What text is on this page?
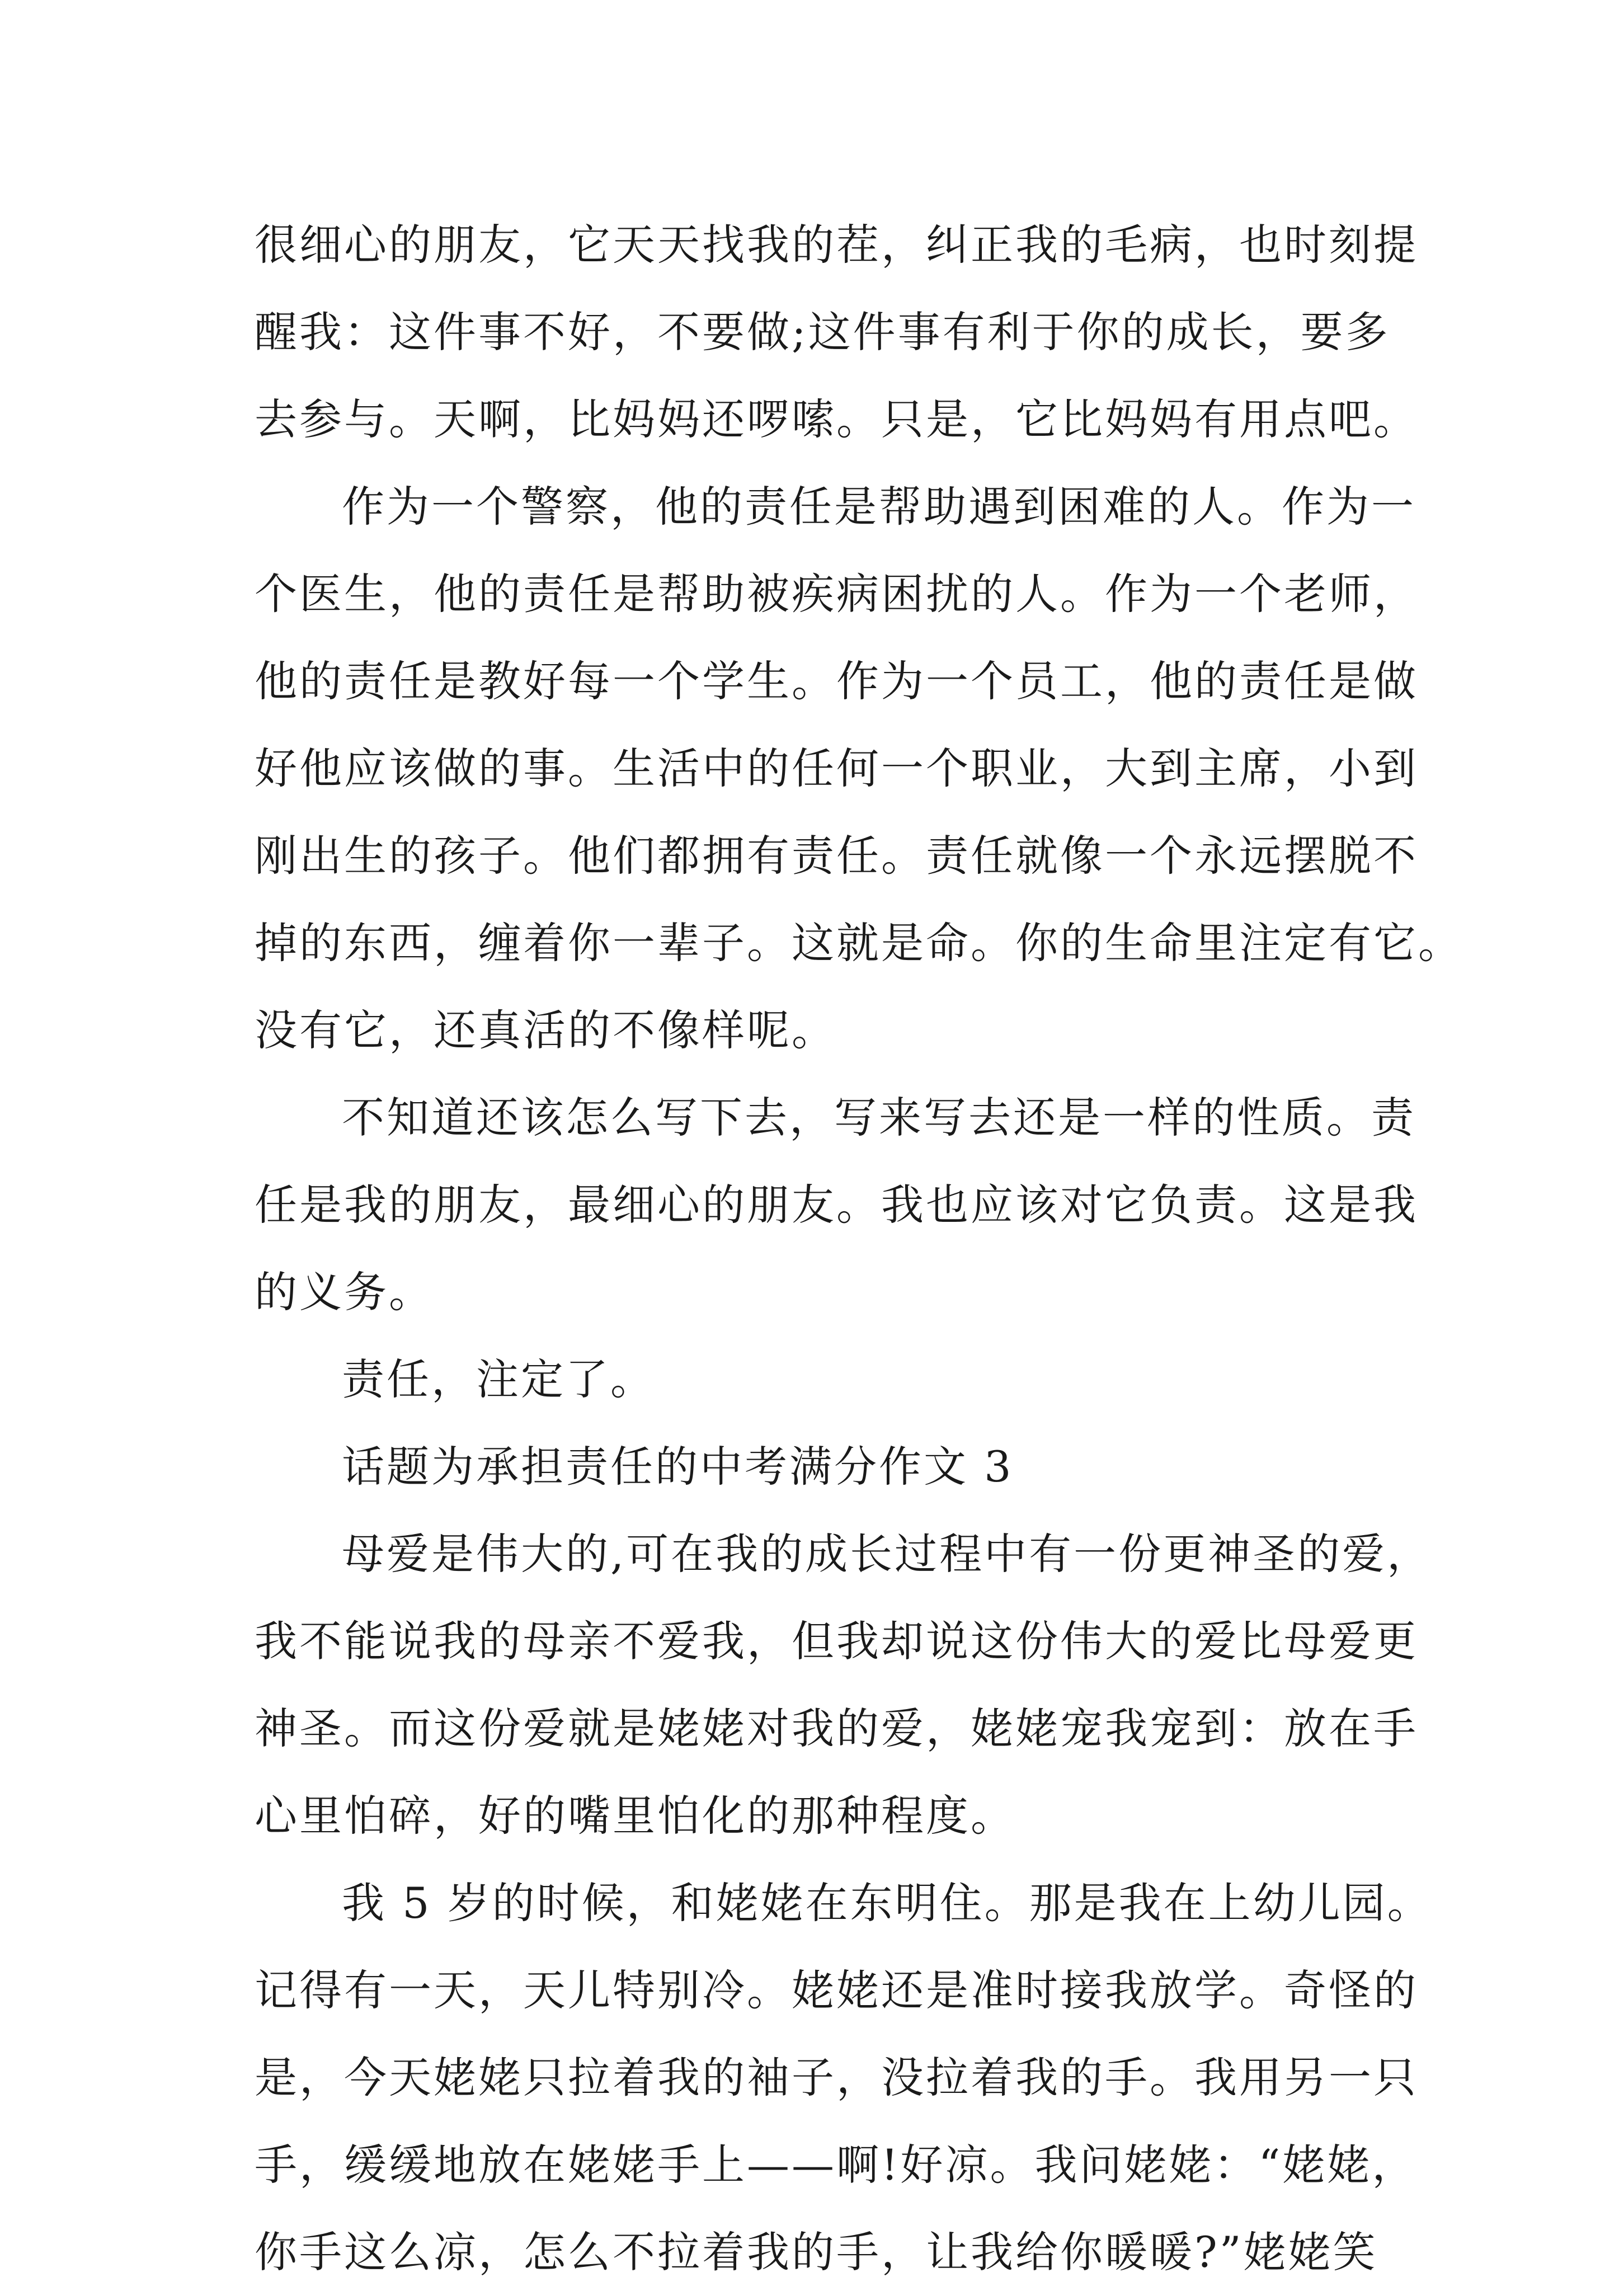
很细心的朋友，它天天找我的茬，纠正我的毛病，也时刻提
醒我：这件事不好，不要做;这件事有利于你的成长，要多
去参与。天啊，比妈妈还啰嗦。只是，它比妈妈有用点吧。
作为一个警察，他的责任是帮助遇到困难的人。作为一
个医生，他的责任是帮助被疾病困扰的人。作为一个老师，
他的责任是教好每一个学生。作为一个员工，他的责任是做
好他应该做的事。生活中的任何一个职业，大到主席，小到
刚出生的孩子。他们都拥有责任。责任就像一个永远摆脱不
掉的东西，缠着你一辈子。这就是命。你的生命里注定有它。
没有它，还真活的不像样呢。
不知道还该怎么写下去，写来写去还是一样的性质。责
任是我的朋友，最细心的朋友。我也应该对它负责。这是我
的义务。
责任，注定了。
话题为承担责任的中考满分作文 3
母爱是伟大的,可在我的成长过程中有一份更神圣的爱，
我不能说我的母亲不爱我，但我却说这份伟大的爱比母爱更
神圣。而这份爱就是姥姥对我的爱，姥姥宠我宠到：放在手
心里怕碎，好的嘴里怕化的那种程度。
我 5 岁的时候，和姥姥在东明住。那是我在上幼儿园。
记得有一天，天儿特别冷。姥姥还是准时接我放学。奇怪的
是，今天姥姥只拉着我的袖子，没拉着我的手。我用另一只
手，缓缓地放在姥姥手上——啊!好凉。我问姥姥：“姥姥，
你手这么凉，怎么不拉着我的手，让我给你暖暖?”姥姥笑
